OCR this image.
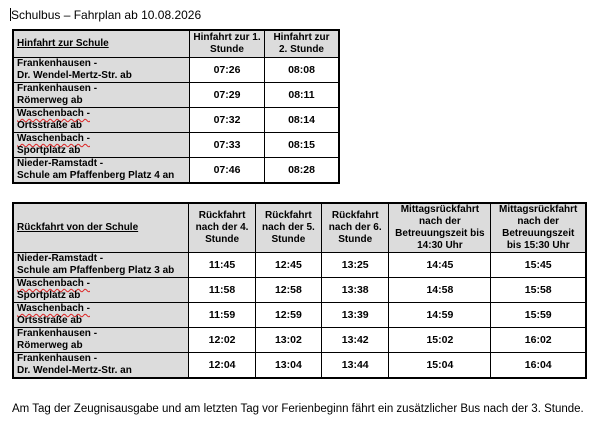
Schulbus – Fahrplan ab 10.08.2026
Hinfahrt zur Schule	Hinfahrt zur 1. Stunde	Hinfahrt zur 2. Stunde

Frankenhausen -
Dr. Wendel-Mertz-Str. ab	07:26	08:08

Frankenhausen -
Römerweg ab	07:29	08:11

Waschenbach -
Ortsstraße ab	07:32	08:14

Waschenbach -
Sportplatz ab	07:33	08:15

Nieder-Ramstadt -
Schule am Pfaffenberg Platz 4 an	07:46	08:28
Rückfahrt von der Schule	Rückfahrt nach der 4. Stunde	Rückfahrt nach der 5. Stunde	Rückfahrt nach der 6. Stunde	Mittagsrückfahrt nach der Betreuungszeit bis 14:30 Uhr	Mittagsrückfahrt nach der Betreuungszeit bis 15:30 Uhr

Nieder-Ramstadt -
Schule am Pfaffenberg Platz 3 ab	11:45	12:45	13:25	14:45	15:45

Waschenbach -
Sportplatz ab	11:58	12:58	13:38	14:58	15:58

Waschenbach -
Ortsstraße ab	11:59	12:59	13:39	14:59	15:59

Frankenhausen -
Römerweg ab	12:02	13:02	13:42	15:02	16:02

Frankenhausen -
Dr. Wendel-Mertz-Str. an	12:04	13:04	13:44	15:04	16:04
Am Tag der Zeugnisausgabe und am letzten Tag vor Ferienbeginn fährt ein zusätzlicher Bus nach der 3. Stunde.
